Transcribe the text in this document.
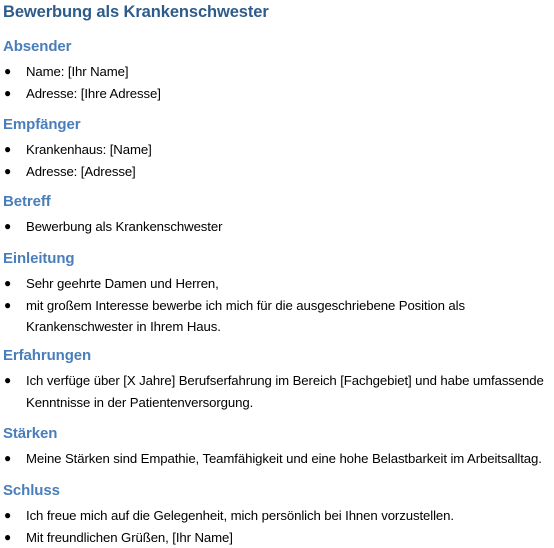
Bewerbung als Krankenschwester
Absender
● Name: [Ihr Name]
● Adresse: [Ihre Adresse]
Empfänger
● Krankenhaus: [Name]
● Adresse: [Adresse]
Betreff
● Bewerbung als Krankenschwester
Einleitung
● Sehr geehrte Damen und Herren,
● mit großem Interesse bewerbe ich mich für die ausgeschriebene Position als Krankenschwester in Ihrem Haus.
Erfahrungen
● Ich verfüge über [X Jahre] Berufserfahrung im Bereich [Fachgebiet] und habe umfassende Kenntnisse in der Patientenversorgung.
Stärken
● Meine Stärken sind Empathie, Teamfähigkeit und eine hohe Belastbarkeit im Arbeitsalltag.
Schluss
● Ich freue mich auf die Gelegenheit, mich persönlich bei Ihnen vorzustellen.
● Mit freundlichen Grüßen, [Ihr Name]
